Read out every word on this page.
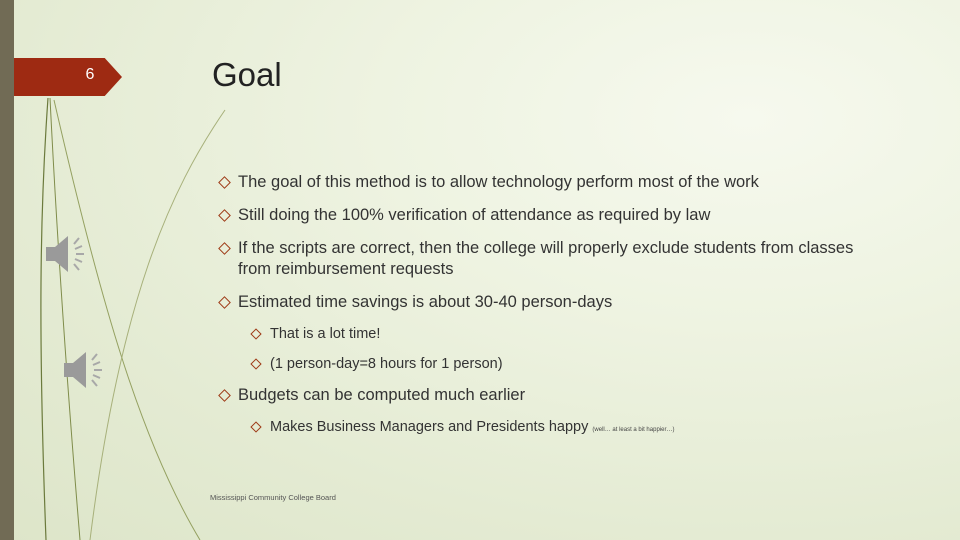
6	Goal
The goal of this method is to allow technology perform most of the work
Still doing the 100% verification of attendance as required by law
If the scripts are correct, then the college will properly exclude students from classes from reimbursement requests
Estimated time savings is about 30-40 person-days
That is a lot time!
(1 person-day=8 hours for 1 person)
Budgets can be computed much earlier
Makes Business Managers and Presidents happy (well… at least a bit happier…)
Mississippi Community College Board
